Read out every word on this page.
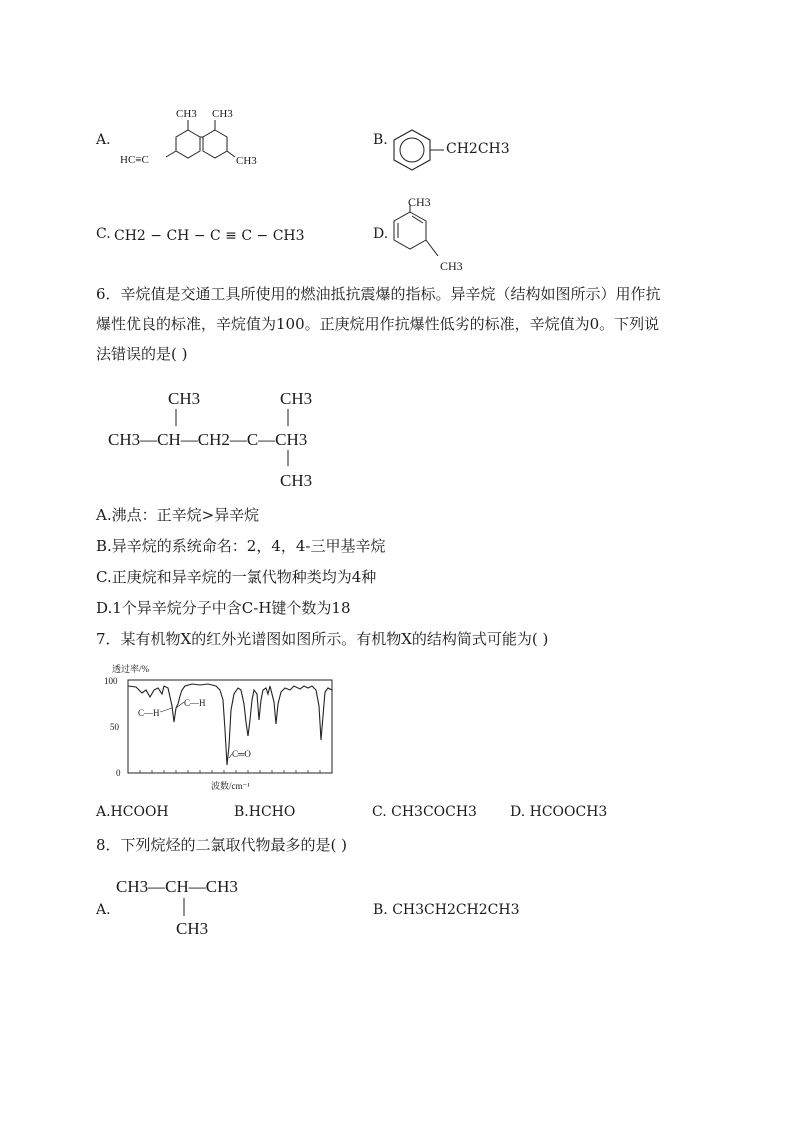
A.
CH3 CH3
CH3
HC≡C
B.
CH2CH3
C. CH2 − CH − C ≡ C − CH3	D.
CH3
CH3
6．辛烷值是交通工具所使用的燃油抵抗震爆的指标。异辛烷（结构如图所示）用作抗
爆性优良的标准，辛烷值为100。正庚烷用作抗爆性低劣的标准，辛烷值为0。下列说
法错误的是( )
CH3	CH3
CH3—CH—CH2—C—CH3
CH3
A.沸点：正辛烷>异辛烷
B.异辛烷的系统命名：2，4，4-三甲基辛烷
C.正庚烷和异辛烷的一氯代物种类均为4种
D.1个异辛烷分子中含C-H键个数为18
7．某有机物X的红外光谱图如图所示。有机物X的结构简式可能为( )
透过率/%
100
50
0
C—H
C—H
C═O
波数/cm⁻¹
A.HCOOH	B.HCHO	C. CH3COCH3 D. HCOOCH3
8．下列烷烃的二氯取代物最多的是( )
A.
CH3—CH—CH3
CH3
B. CH3CH2CH2CH3
